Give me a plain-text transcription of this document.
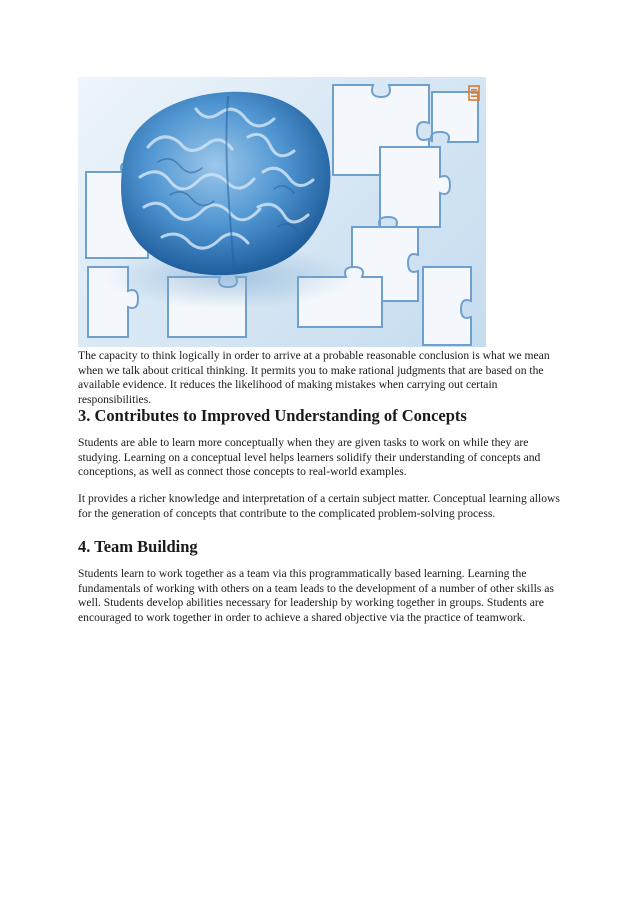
The capacity to think logically in order to arrive at a probable reasonable conclusion is what we mean when we talk about critical thinking. It permits you to make rational judgments that are based on the available evidence. It reduces the likelihood of making mistakes when carrying out certain responsibilities.

3. Contributes to Improved Understanding of Concepts

Students are able to learn more conceptually when they are given tasks to work on while they are studying. Learning on a conceptual level helps learners solidify their understanding of concepts and conceptions, as well as connect those concepts to real-world examples.

It provides a richer knowledge and interpretation of a certain subject matter. Conceptual learning allows for the generation of concepts that contribute to the complicated problem-solving process.

4. Team Building

Students learn to work together as a team via this programmatically based learning. Learning the fundamentals of working with others on a team leads to the development of a number of other skills as well. Students develop abilities necessary for leadership by working together in groups. Students are encouraged to work together in order to achieve a shared objective via the practice of teamwork.
